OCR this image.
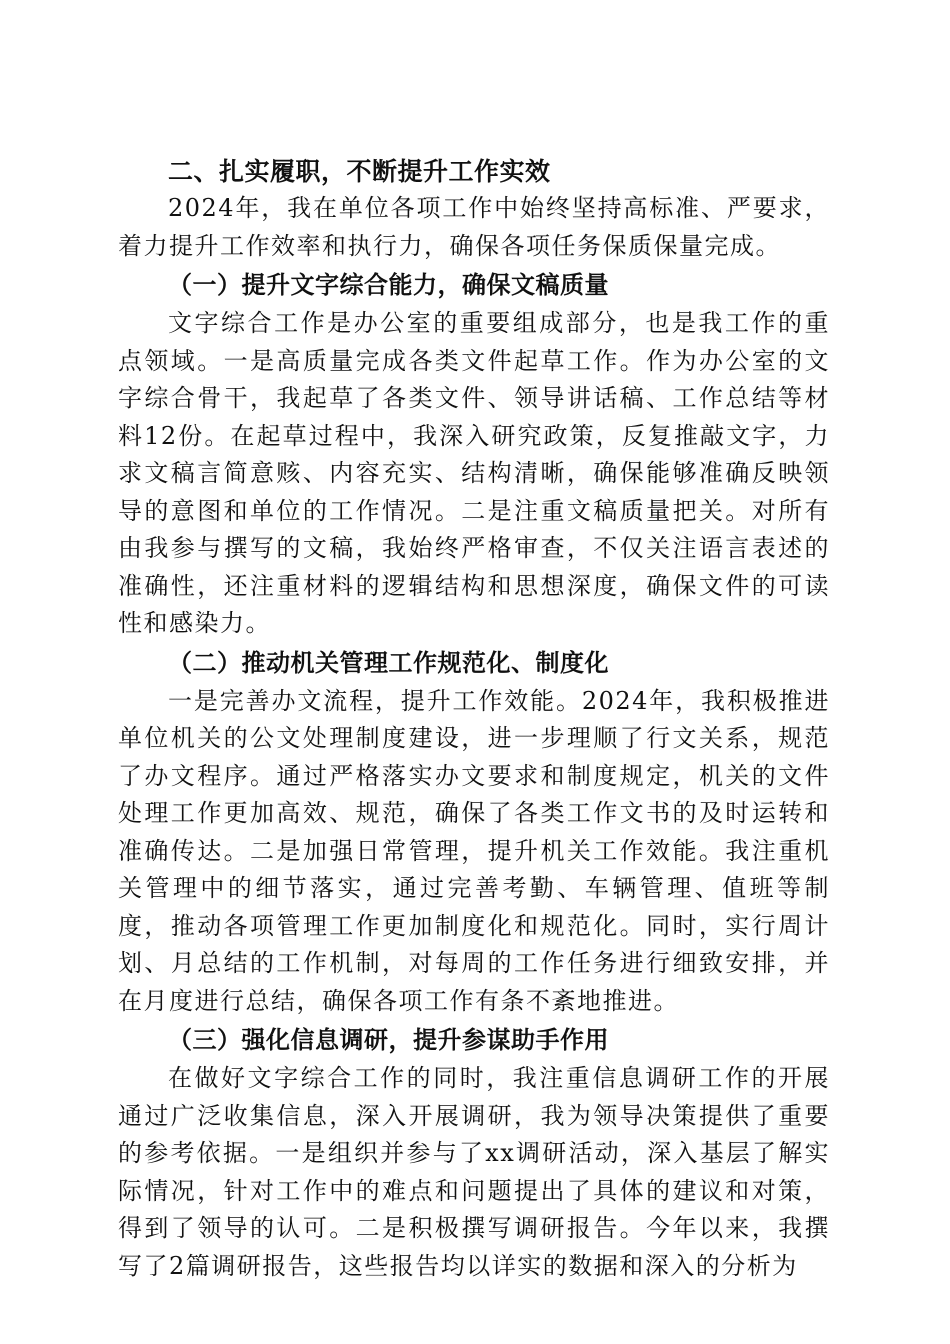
二、扎实履职，不断提升工作实效

2024年，我在单位各项工作中始终坚持高标准、严要求，着力提升工作效率和执行力，确保各项任务保质保量完成。

（一）提升文字综合能力，确保文稿质量

文字综合工作是办公室的重要组成部分，也是我工作的重点领域。一是高质量完成各类文件起草工作。作为办公室的文字综合骨干，我起草了各类文件、领导讲话稿、工作总结等材料12份。在起草过程中，我深入研究政策，反复推敲文字，力求文稿言简意赅、内容充实、结构清晰，确保能够准确反映领导的意图和单位的工作情况。二是注重文稿质量把关。对所有由我参与撰写的文稿，我始终严格审查，不仅关注语言表述的准确性，还注重材料的逻辑结构和思想深度，确保文件的可读性和感染力。

（二）推动机关管理工作规范化、制度化

一是完善办文流程，提升工作效能。2024年，我积极推进单位机关的公文处理制度建设，进一步理顺了行文关系，规范了办文程序。通过严格落实办文要求和制度规定，机关的文件处理工作更加高效、规范，确保了各类工作文书的及时运转和准确传达。二是加强日常管理，提升机关工作效能。我注重机关管理中的细节落实，通过完善考勤、车辆管理、值班等制度，推动各项管理工作更加制度化和规范化。同时，实行周计划、月总结的工作机制，对每周的工作任务进行细致安排，并在月度进行总结，确保各项工作有条不紊地推进。

（三）强化信息调研，提升参谋助手作用

在做好文字综合工作的同时，我注重信息调研工作的开展通过广泛收集信息，深入开展调研，我为领导决策提供了重要的参考依据。一是组织并参与了xx调研活动，深入基层了解实际情况，针对工作中的难点和问题提出了具体的建议和对策，得到了领导的认可。二是积极撰写调研报告。今年以来，我撰写了2篇调研报告，这些报告均以详实的数据和深入的分析为
